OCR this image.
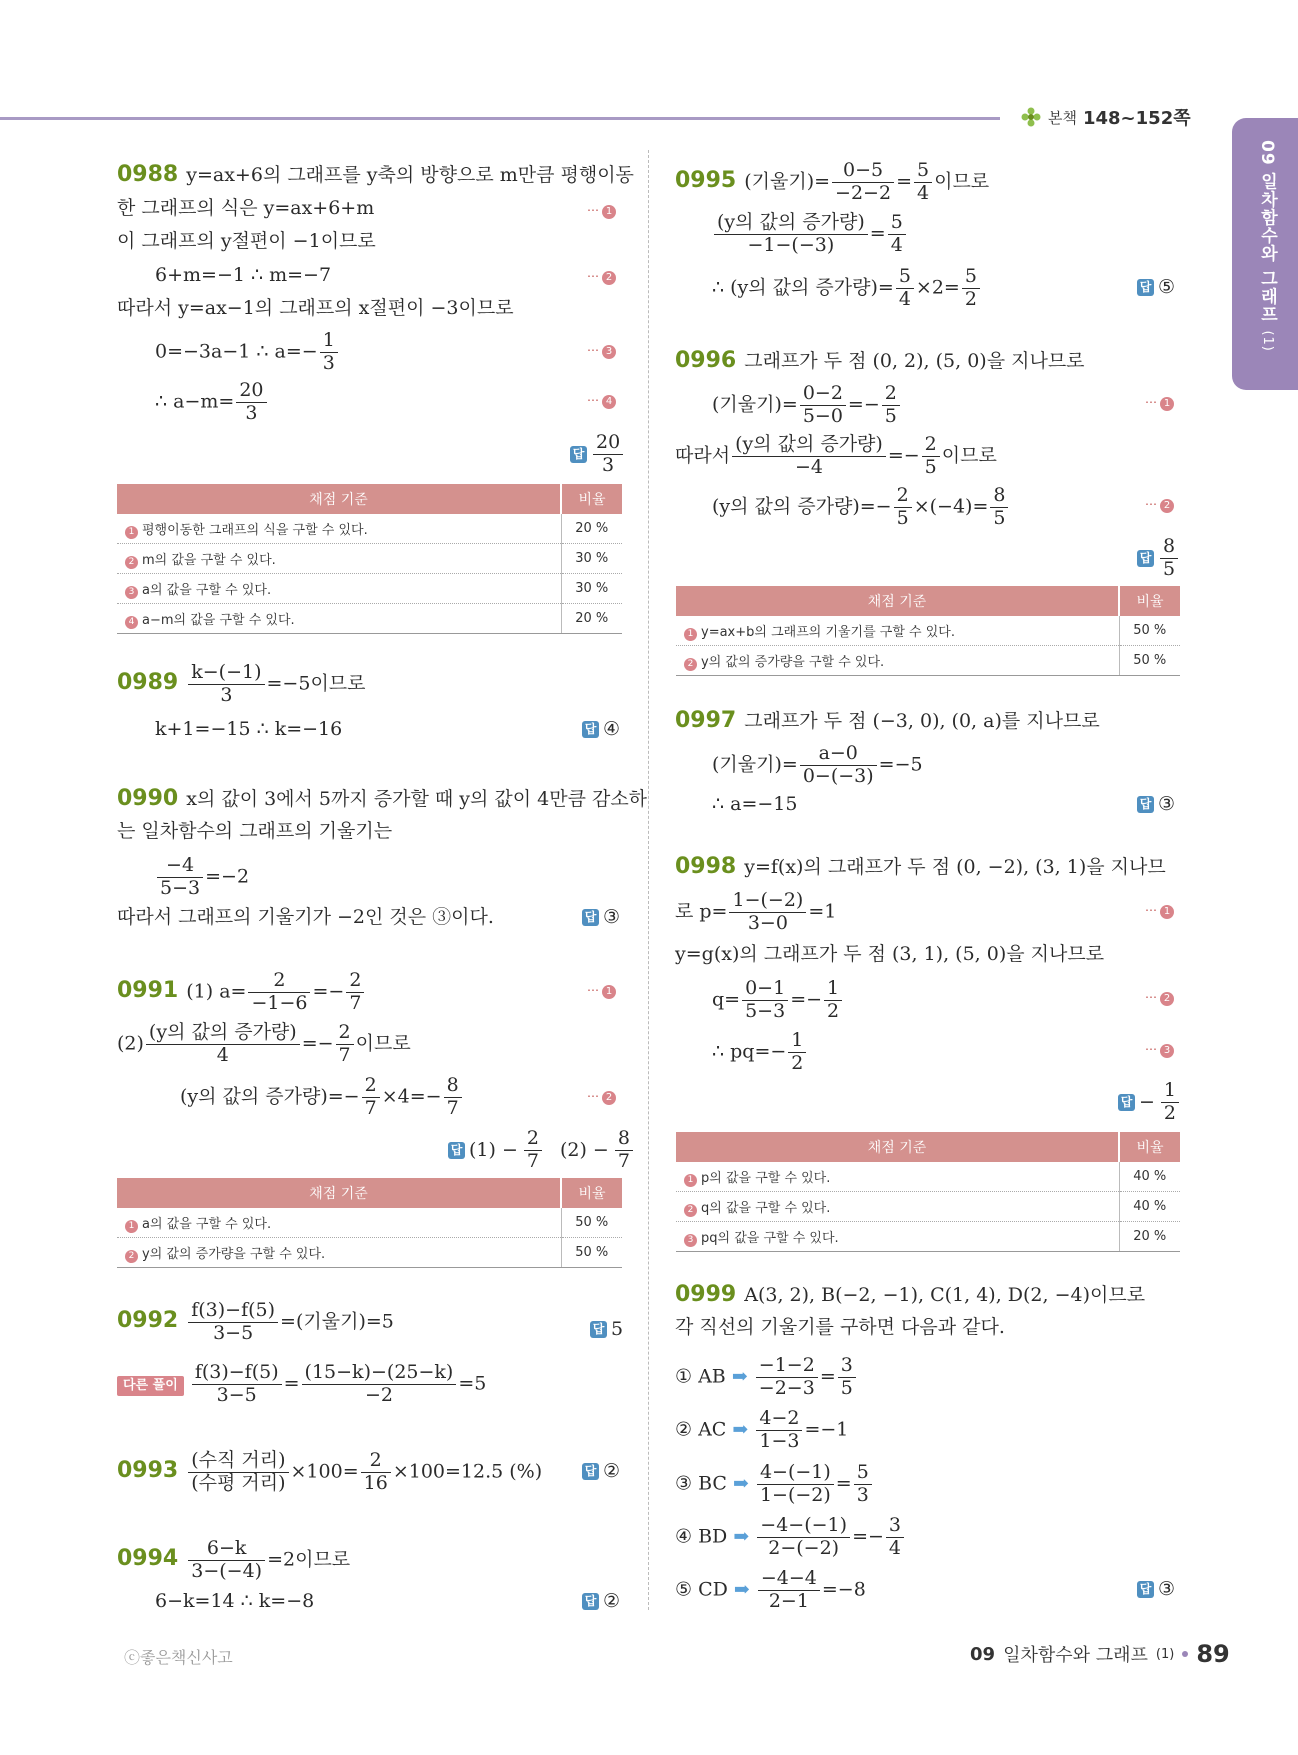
본책 148~152쪽
09 일차함수와 그래프 (1)
0988 y=ax+6의 그래프를 y축의 방향으로 m만큼 평행이동
한 그래프의 식은 y=ax+6+m	⋯ 1
이 그래프의 y절편이 −1이므로
6+m=−1 ∴ m=−7	⋯ 2
따라서 y=ax−1의 그래프의 x절편이 −3이므로
0=−3a−1 ∴ $a=- \frac{1}{3}$	⋯ 3
∴ $a-m= \frac{20}{3}$	⋯ 4
답 $\frac{20}{3}$
채점 기준	비율
1 평행이동한 그래프의 식을 구할 수 있다.	20 %
2 m의 값을 구할 수 있다.	30 %
3 a의 값을 구할 수 있다.	30 %
4 a−m의 값을 구할 수 있다.	20 %
$0989 \frac{k-(-1)}{3} =-5$이므로
k+1=−15 ∴ k=−16	답 ④
0990 x의 값이 3에서 5까지 증가할 때 y의 값이 4만큼 감소하
는 일차함수의 그래프의 기울기는
$\frac{-4}{5-3} =-2$
따라서 그래프의 기울기가 −2인 것은 ③이다.	답 ③
0991 (1) $a= \frac{2}{-1-6} =- \frac{2}{7}$	⋯ 1
$(2) \frac{\text{(y의 값의 증가량)}}{4} =- \frac{2}{7}$ 이므로
(y의 값의 증가량)=− $\frac{2}{7} \times 4=- \frac{8}{7}$	⋯ 2
답 $(1) - \frac{2}{7} (2) - \frac{8}{7}$
채점 기준	비율
1 a의 값을 구할 수 있다.	50 %
2 y의 값의 증가량을 구할 수 있다.	50 %
$0992 \frac{f(3)-f(5)}{3-5}$ =(기울기)=5	답 5
다른 풀이 $\frac{f(3)-f(5)}{3-5} = \frac{(15-k)-(25-k)}{-2} =5$
$0993 \frac{\text{(수직 거리)}}{\text{(수평 거리)}} \times 100= \frac{2}{16} \times 100=12.5$ (%)	답 ②
$0994 \frac{6-k}{3-(-4)} =2$이므로
6−k=14 ∴ k=−8	답 ②
0995 (기울기)= $\frac{0-5}{-2-2} = \frac{5}{4}$ 이므로
$\frac{\text{(y의 값의 증가량)}}{-1-(-3)} = \frac{5}{4}$
∴ (y의 값의 증가량)= $\frac{5}{4} \times 2= \frac{5}{2}$	답 ⑤
0996 그래프가 두 점 (0, 2), (5, 0)을 지나므로
(기울기)= $\frac{0-2}{5-0} =- \frac{2}{5}$	⋯ 1
따라서 $\frac{\text{(y의 값의 증가량)}}{-4} =- \frac{2}{5}$ 이므로
(y의 값의 증가량)=− $\frac{2}{5} \times(-4)= \frac{8}{5}$	⋯ 2
답 $\frac{8}{5}$
채점 기준	비율
1 y=ax+b의 그래프의 기울기를 구할 수 있다.	50 %
2 y의 값의 증가량을 구할 수 있다.	50 %
0997 그래프가 두 점 (−3, 0), (0, a)를 지나므로
(기울기)= $\frac{a-0}{0-(-3)} =-5$
∴ a=−15	답 ③
0998 y=f(x)의 그래프가 두 점 (0, −2), (3, 1)을 지나므
로 $p= \frac{1-(-2)}{3-0} =1$	⋯ 1
y=g(x)의 그래프가 두 점 (3, 1), (5, 0)을 지나므로
$q= \frac{0-1}{5-3} =- \frac{1}{2}$	⋯ 2
∴ $pq=- \frac{1}{2}$	⋯ 3
답 − $\frac{1}{2}$
채점 기준	비율
1 p의 값을 구할 수 있다.	40 %
2 q의 값을 구할 수 있다.	40 %
3 pq의 값을 구할 수 있다.	20 %
0999 A(3, 2), B(−2, −1), C(1, 4), D(2, −4)이므로
각 직선의 기울기를 구하면 다음과 같다.
① AB ➡ $\frac{-1-2}{-2-3} = \frac{3}{5}$
② AC ➡ $\frac{4-2}{1-3} =-1$
③ BC ➡ $\frac{4-(-1)}{1-(-2)} = \frac{5}{3}$
④ BD ➡ $\frac{-4-(-1)}{2-(-2)} =- \frac{3}{4}$
⑤ CD ➡ $\frac{-4-4}{2-1} =-8$	답 ③
ⓒ좋은책신사고	09 일차함수와 그래프 (1) 89
